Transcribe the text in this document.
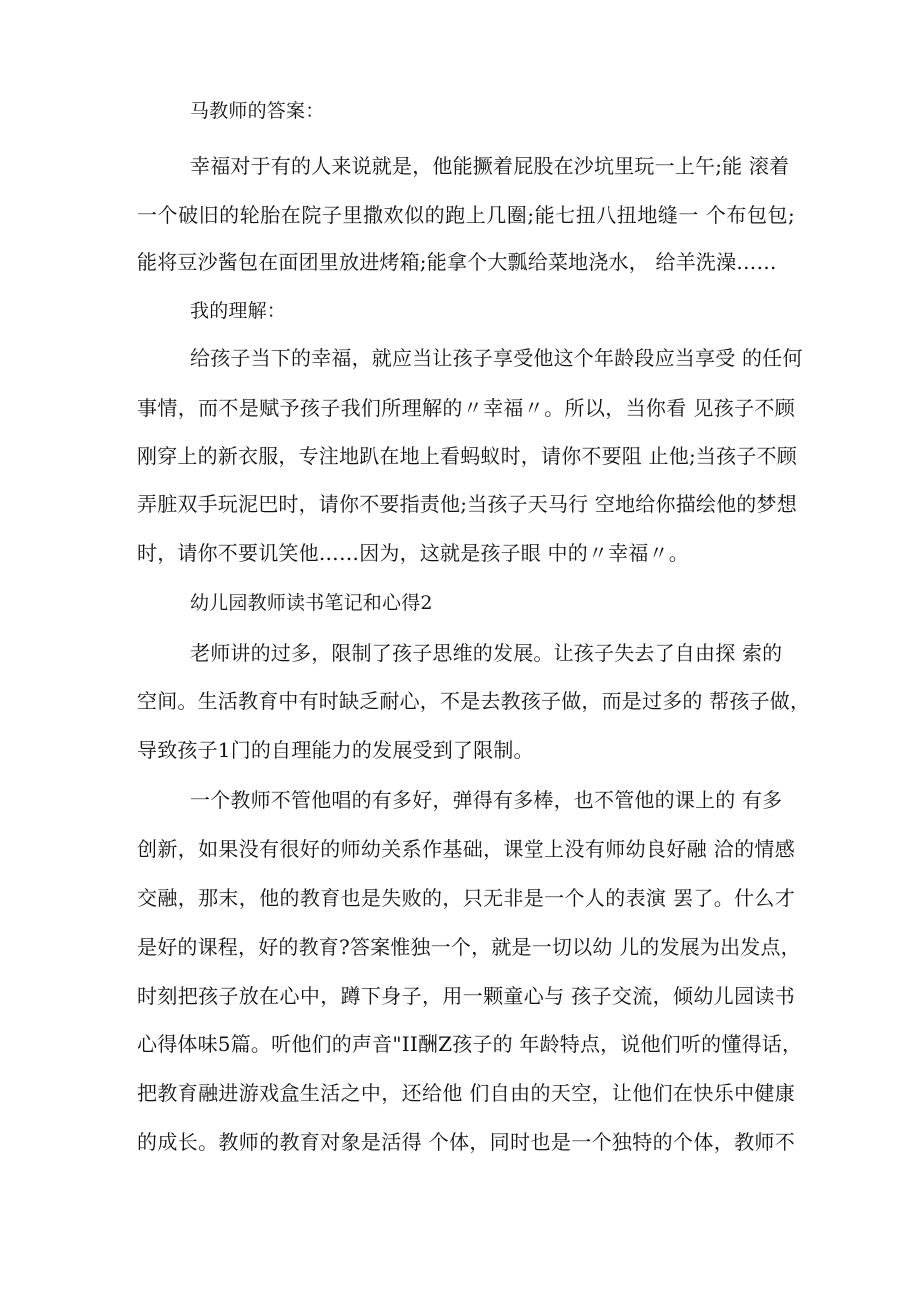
马教师的答案：
幸福对于有的人来说就是，他能撅着屁股在沙坑里玩一上午;能 滚着
一个破旧的轮胎在院子里撒欢似的跑上几圈;能七扭八扭地缝一 个布包包;
能将豆沙酱包在面团里放进烤箱;能拿个大瓢给菜地浇水， 给羊洗澡……
我的理解：
给孩子当下的幸福，就应当让孩子享受他这个年龄段应当享受 的任何
事情，而不是赋予孩子我们所理解的〃幸福〃。所以，当你看 见孩子不顾
刚穿上的新衣服，专注地趴在地上看蚂蚁时，请你不要阻 止他;当孩子不顾
弄脏双手玩泥巴时，请你不要指责他;当孩子天马行 空地给你描绘他的梦想
时，请你不要讥笑他……因为，这就是孩子眼 中的〃幸福〃。
幼儿园教师读书笔记和心得2
老师讲的过多，限制了孩子思维的发展。让孩子失去了自由探 索的
空间。生活教育中有时缺乏耐心，不是去教孩子做，而是过多的 帮孩子做，
导致孩子1门的自理能力的发展受到了限制。
一个教师不管他唱的有多好，弹得有多棒，也不管他的课上的 有多
创新，如果没有很好的师幼关系作基础，课堂上没有师幼良好融 洽的情感
交融，那末，他的教育也是失败的，只无非是一个人的表演 罢了。什么才
是好的课程，好的教育?答案惟独一个，就是一切以幼 儿的发展为出发点，
时刻把孩子放在心中，蹲下身子，用一颗童心与 孩子交流，倾幼儿园读书
心得体味5篇。听他们的声音"II酬Z孩子的 年龄特点，说他们听的懂得话，
把教育融进游戏盒生活之中，还给他 们自由的天空，让他们在快乐中健康
的成长。教师的教育对象是活得 个体，同时也是一个独特的个体，教师不
